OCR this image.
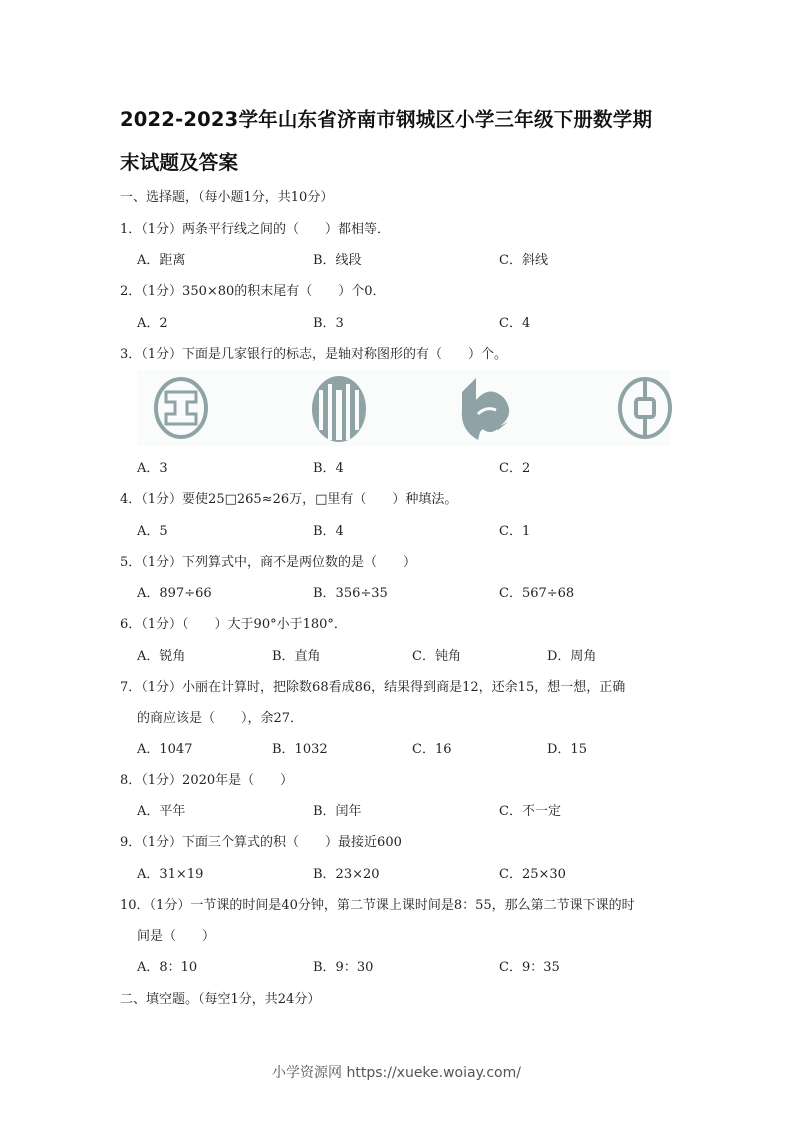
2022-2023学年山东省济南市钢城区小学三年级下册数学期
末试题及答案
一、选择题，（每小题1分，共10分）
1．（1分）两条平行线之间的（　　）都相等．
A．距离	B．线段	C．斜线
2．（1分）350×80的积末尾有（　　）个0．
A．2	B．3	C．4
3．（1分）下面是几家银行的标志，是轴对称图形的有（　　）个。
A．3	B．4	C．2
4．（1分）要使25□265≈26万，□里有（　　）种填法。
A．5	B．4	C．1
5．（1分）下列算式中，商不是两位数的是（　　）
A．897÷66	B．356÷35	C．567÷68
6．（1分）（　　）大于90°小于180°．
A．锐角	B．直角	C．钝角	D．周角
7．（1分）小丽在计算时，把除数68看成86，结果得到商是12，还余15，想一想，正确
的商应该是（　　），余27．
A．1047	B．1032	C．16	D．15
8．（1分）2020年是（　　）
A．平年	B．闰年	C．不一定
9．（1分）下面三个算式的积（　　）最接近600
A．31×19	B．23×20	C．25×30
10．（1分）一节课的时间是40分钟，第二节课上课时间是8：55，那么第二节课下课的时
间是（　　）
A．8：10	B．9：30	C．9：35
二、填空题。（每空1分，共24分）
小学资源网 https://xueke.woiay.com/
